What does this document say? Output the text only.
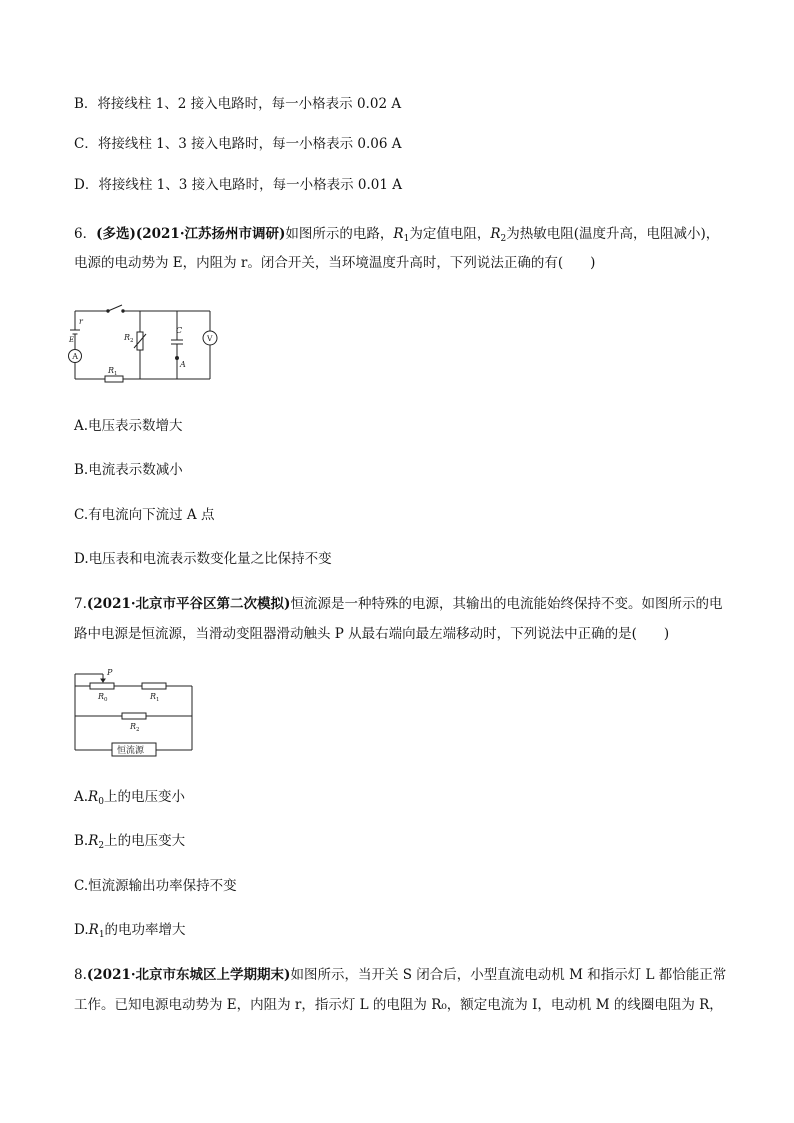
B．将接线柱 1、2 接入电路时，每一小格表示 0.02 A
C．将接线柱 1、3 接入电路时，每一小格表示 0.06 A
D．将接线柱 1、3 接入电路时，每一小格表示 0.01 A
6．(多选)(2021·江苏扬州市调研)如图所示的电路，$R_1$为定值电阻，$R_2$为热敏电阻(温度升高，电阻减小)，
电源的电动势为 E，内阻为 r。闭合开关，当环境温度升高时，下列说法正确的有(　　)
r
E	$R_2$
C
A
$R_1$
A
V
A.电压表示数增大
B.电流表示数减小
C.有电流向下流过 A 点
D.电压表和电流表示数变化量之比保持不变
7.(2021·北京市平谷区第二次模拟)恒流源是一种特殊的电源，其输出的电流能始终保持不变。如图所示的电
路中电源是恒流源，当滑动变阻器滑动触头 P 从最右端向最左端移动时，下列说法中正确的是(　　)
P
$R_0$	$R_1$
$R_2$
恒流源
$A.R_0$上的电压变小
$B.R_2$上的电压变大
C.恒流源输出功率保持不变
$D.R_1$的电功率增大
8.(2021·北京市东城区上学期期末)如图所示，当开关 S 闭合后，小型直流电动机 M 和指示灯 L 都恰能正常
工作。已知电源电动势为 E，内阻为 r，指示灯 L 的电阻为 R₀，额定电流为 I，电动机 M 的线圈电阻为 R，
